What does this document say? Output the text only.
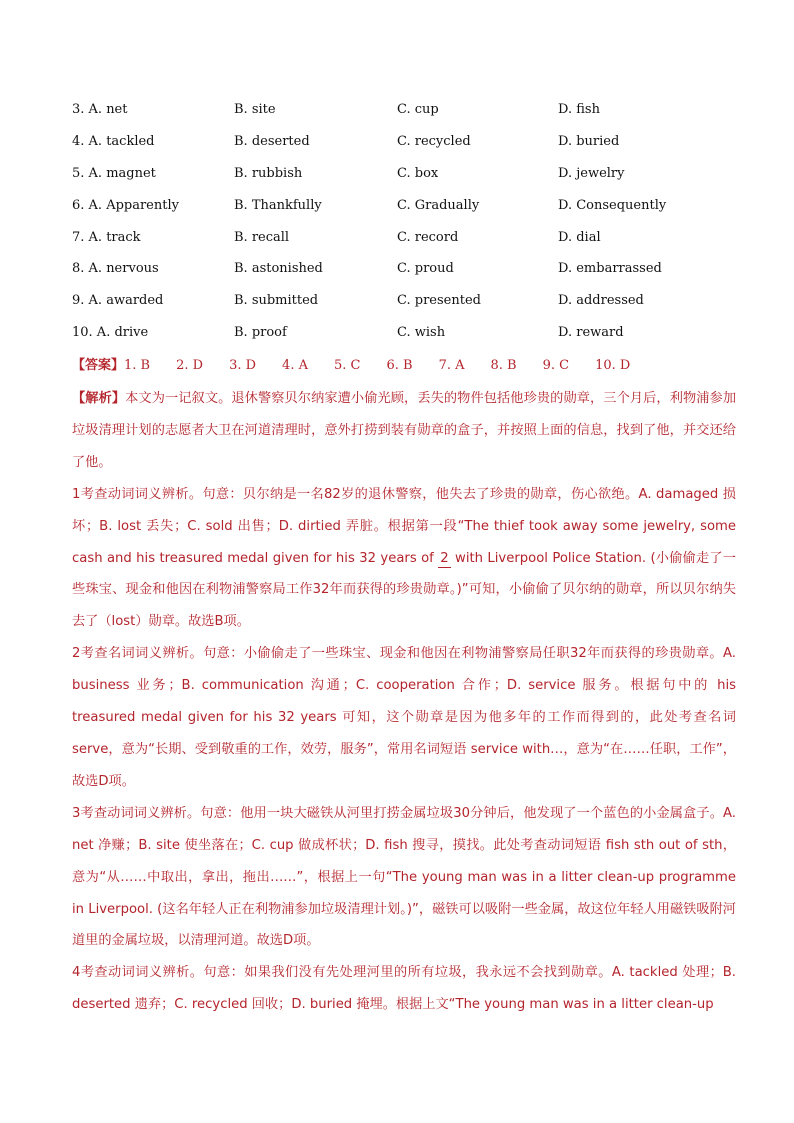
3. A. net	B. site	C. cup	D. fish
4. A. tackled	B. deserted	C. recycled	D. buried
5. A. magnet	B. rubbish	C. box	D. jewelry
6. A. Apparently	B. Thankfully	C. Gradually	D. Consequently
7. A. track	B. recall	C. record	D. dial
8. A. nervous	B. astonished	C. proud	D. embarrassed
9. A. awarded	B. submitted	C. presented	D. addressed
10. A. drive	B. proof	C. wish	D. reward
【答案】1. B 2. D 3. D 4. A 5. C 6. B 7. A 8. B 9. C 10. D

【解析】本文为一记叙文。退休警察贝尔纳家遭小偷光顾，丢失的物件包括他珍贵的勋章，三个月后，利物浦参加垃圾清理计划的志愿者大卫在河道清理时，意外打捞到装有勋章的盒子，并按照上面的信息，找到了他，并交还给了他。

1考查动词词义辨析。句意：贝尔纳是一名82岁的退休警察，他失去了珍贵的勋章，伤心欲绝。A. damaged 损坏；B. lost 丢失；C. sold 出售；D. dirtied 弄脏。根据第一段“The thief took away some jewelry, some cash and his treasured medal given for his 32 years of 2 with Liverpool Police Station. (小偷偷走了一些珠宝、现金和他因在利物浦警察局工作32年而获得的珍贵勋章。)”可知，小偷偷了贝尔纳的勋章，所以贝尔纳失去了（lost）勋章。故选B项。

2考查名词词义辨析。句意：小偷偷走了一些珠宝、现金和他因在利物浦警察局任职32年而获得的珍贵勋章。A. business 业务；B. communication 沟通；C. cooperation 合作；D. service 服务。根据句中的 his treasured medal given for his 32 years 可知，这个勋章是因为他多年的工作而得到的，此处考查名词 serve，意为“长期、受到敬重的工作，效劳，服务”，常用名词短语 service with…，意为“在……任职，工作”，故选D项。

3考查动词词义辨析。句意：他用一块大磁铁从河里打捞金属垃圾30分钟后，他发现了一个蓝色的小金属盒子。A. net 净赚；B. site 使坐落在；C. cup 做成杯状；D. fish 搜寻，摸找。此处考查动词短语 fish sth out of sth，意为“从……中取出，拿出，拖出……”，根据上一句“The young man was in a litter clean-up programme in Liverpool. (这名年轻人正在利物浦参加垃圾清理计划。)”，磁铁可以吸附一些金属，故这位年轻人用磁铁吸附河道里的金属垃圾，以清理河道。故选D项。

4考查动词词义辨析。句意：如果我们没有先处理河里的所有垃圾，我永远不会找到勋章。A. tackled 处理；B. deserted 遗弃；C. recycled 回收；D. buried 掩埋。根据上文“The young man was in a litter clean-up
